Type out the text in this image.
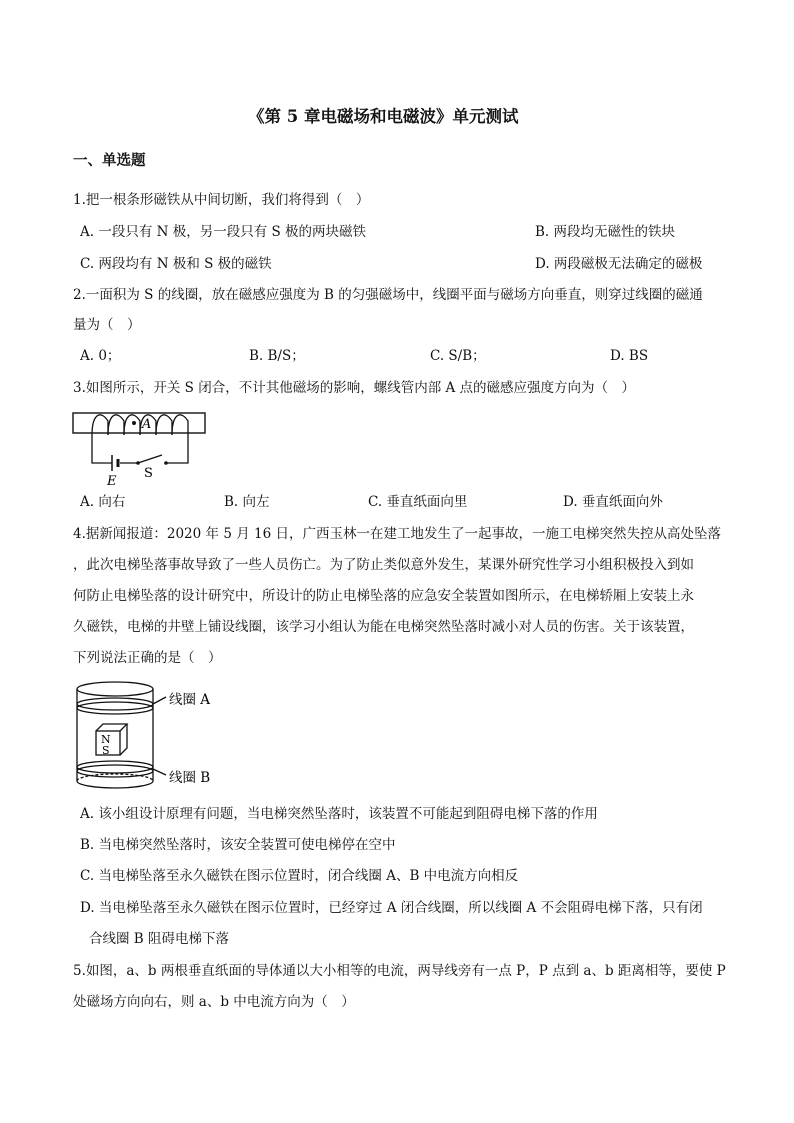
《第 5 章电磁场和电磁波》单元测试
一、单选题
1.把一根条形磁铁从中间切断，我们将得到（　）
A. 一段只有 N 极，另一段只有 S 极的两块磁铁	B. 两段均无磁性的铁块
C. 两段均有 N 极和 S 极的磁铁	D. 两段磁极无法确定的磁极
2.一面积为 S 的线圈，放在磁感应强度为 B 的匀强磁场中，线圈平面与磁场方向垂直，则穿过线圈的磁通
量为（　）
A. 0；	B. B/S；	C. S/B；	D. BS
3.如图所示，开关 S 闭合，不计其他磁场的影响，螺线管内部 A 点的磁感应强度方向为（　）
A
E
S
A. 向右	B. 向左	C. 垂直纸面向里	D. 垂直纸面向外
4.据新闻报道：2020 年 5 月 16 日，广西玉林一在建工地发生了一起事故，一施工电梯突然失控从高处坠落
，此次电梯坠落事故导致了一些人员伤亡。为了防止类似意外发生，某课外研究性学习小组积极投入到如
何防止电梯坠落的设计研究中，所设计的防止电梯坠落的应急安全装置如图所示，在电梯轿厢上安装上永
久磁铁，电梯的井壁上铺设线圈，该学习小组认为能在电梯突然坠落时减小对人员的伤害。关于该装置，
下列说法正确的是（　）
N
S
线圈 A
线圈 B
A. 该小组设计原理有问题，当电梯突然坠落时，该装置不可能起到阻碍电梯下落的作用
B. 当电梯突然坠落时，该安全装置可使电梯停在空中
C. 当电梯坠落至永久磁铁在图示位置时，闭合线圈 A、B 中电流方向相反
D. 当电梯坠落至永久磁铁在图示位置时，已经穿过 A 闭合线圈，所以线圈 A 不会阻碍电梯下落，只有闭
合线圈 B 阻碍电梯下落
5.如图，a、b 两根垂直纸面的导体通以大小相等的电流，两导线旁有一点 P，P 点到 a、b 距离相等，要使 P
处磁场方向向右，则 a、b 中电流方向为（　）
